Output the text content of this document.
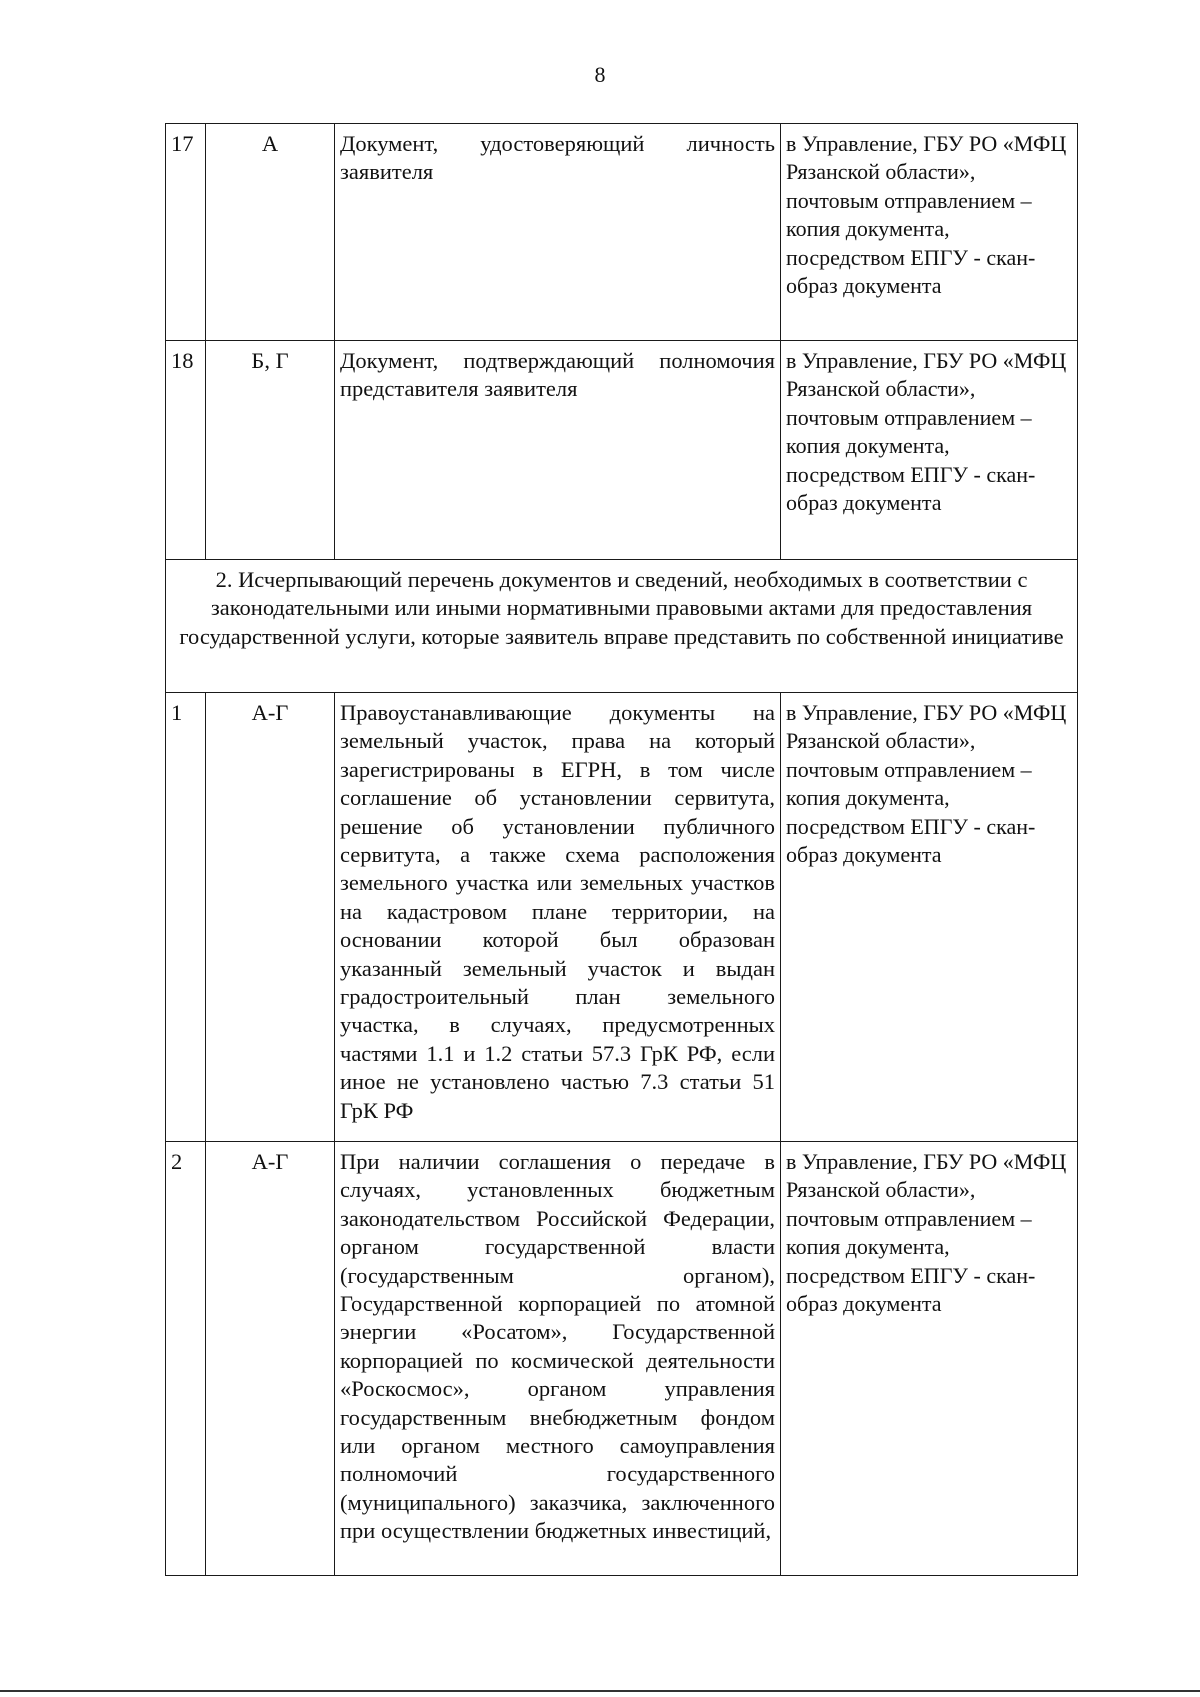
8
17	А	Документ, удостоверяющий личность заявителя	в Управление, ГБУ РО «МФЦ Рязанской области», почтовым отправлением – копия документа, посредством ЕПГУ - скан-образ документа
18	Б, Г	Документ, подтверждающий полномочия представителя заявителя	в Управление, ГБУ РО «МФЦ Рязанской области», почтовым отправлением – копия документа, посредством ЕПГУ - скан-образ документа
2. Исчерпывающий перечень документов и сведений, необходимых в соответствии с законодательными или иными нормативными правовыми актами для предоставления государственной услуги, которые заявитель вправе представить по собственной инициативе			
1	А-Г	Правоустанавливающие документы на земельный участок, права на который зарегистрированы в ЕГРН, в том числе соглашение об установлении сервитута, решение об установлении публичного сервитута, а также схема расположения земельного участка или земельных участков на кадастровом плане территории, на основании которой был образован указанный земельный участок и выдан градостроительный план земельного участка, в случаях, предусмотренных частями 1.1 и 1.2 статьи 57.3 ГрК РФ, если иное не установлено частью 7.3 статьи 51 ГрК РФ	в Управление, ГБУ РО «МФЦ Рязанской области», почтовым отправлением – копия документа, посредством ЕПГУ - скан-образ документа
2	А-Г	При наличии соглашения о передаче в случаях, установленных бюджетным законодательством Российской Федерации, органом государственной власти (государственным органом), Государственной корпорацией по атомной энергии «Росатом», Государственной корпорацией по космической деятельности «Роскосмос», органом управления государственным внебюджетным фондом или органом местного самоуправления полномочий государственного (муниципального) заказчика, заключенного при осуществлении бюджетных инвестиций,	в Управление, ГБУ РО «МФЦ Рязанской области», почтовым отправлением – копия документа, посредством ЕПГУ - скан-образ документа
